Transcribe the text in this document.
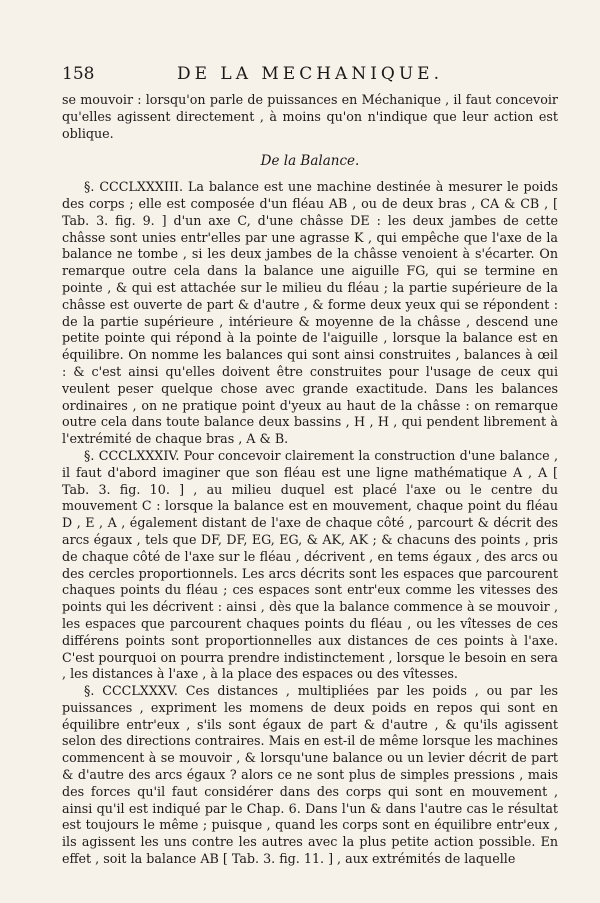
158	DE LA MECHANIQUE.

se mouvoir : lorsqu'on parle de puissances en Méchanique , il faut concevoir qu'elles agissent directement , à moins qu'on n'indique que leur action est oblique.

De la Balance.

§. CCCLXXXIII. La balance est une machine destinée à mesurer le poids des corps ; elle est composée d'un fléau AB , ou de deux bras , CA & CB , [ Tab. 3. fig. 9. ] d'un axe C, d'une châsse DE : les deux jambes de cette châsse sont unies entr'elles par une agrasse K , qui empêche que l'axe de la balance ne tombe , si les deux jambes de la châsse venoient à s'écarter. On remarque outre cela dans la balance une aiguille FG, qui se termine en pointe , & qui est attachée sur le milieu du fléau ; la partie supérieure de la châsse est ouverte de part & d'autre , & forme deux yeux qui se répondent : de la partie supérieure , intérieure & moyenne de la châsse , descend une petite pointe qui répond à la pointe de l'aiguille , lorsque la balance est en équilibre. On nomme les balances qui sont ainsi construites , balances à œil : & c'est ainsi qu'elles doivent être construites pour l'usage de ceux qui veulent peser quelque chose avec grande exactitude. Dans les balances ordinaires , on ne pratique point d'yeux au haut de la châsse : on remarque outre cela dans toute balance deux bassins , H , H , qui pendent librement à l'extrémité de chaque bras , A & B.

§. CCCLXXXIV. Pour concevoir clairement la construction d'une balance , il faut d'abord imaginer que son fléau est une ligne mathématique A , A [ Tab. 3. fig. 10. ] , au milieu duquel est placé l'axe ou le centre du mouvement C : lorsque la balance est en mouvement, chaque point du fléau D , E , A , également distant de l'axe de chaque côté , parcourt & décrit des arcs égaux , tels que DF, DF, EG, EG, & AK, AK ; & chacuns des points , pris de chaque côté de l'axe sur le fléau , décrivent , en tems égaux , des arcs ou des cercles proportionnels. Les arcs décrits sont les espaces que parcourent chaques points du fléau ; ces espaces sont entr'eux comme les vitesses des points qui les décrivent : ainsi , dès que la balance commence à se mouvoir , les espaces que parcourent chaques points du fléau , ou les vîtesses de ces différens points sont proportionnelles aux distances de ces points à l'axe. C'est pourquoi on pourra prendre indistinctement , lorsque le besoin en sera , les distances à l'axe , à la place des espaces ou des vîtesses.

§. CCCLXXXV. Ces distances , multipliées par les poids , ou par les puissances , expriment les momens de deux poids en repos qui sont en équilibre entr'eux , s'ils sont égaux de part & d'autre , & qu'ils agissent selon des directions contraires. Mais en est-il de même lorsque les machines commencent à se mouvoir , & lorsqu'une balance ou un levier décrit de part & d'autre des arcs égaux ? alors ce ne sont plus de simples pressions , mais des forces qu'il faut considérer dans des corps qui sont en mouvement , ainsi qu'il est indiqué par le Chap. 6. Dans l'un & dans l'autre cas le résultat est toujours le même ; puisque , quand les corps sont en équilibre entr'eux , ils agissent les uns contre les autres avec la plus petite action possible. En effet , soit la balance AB [ Tab. 3. fig. 11. ] , aux extrémités de laquelle
